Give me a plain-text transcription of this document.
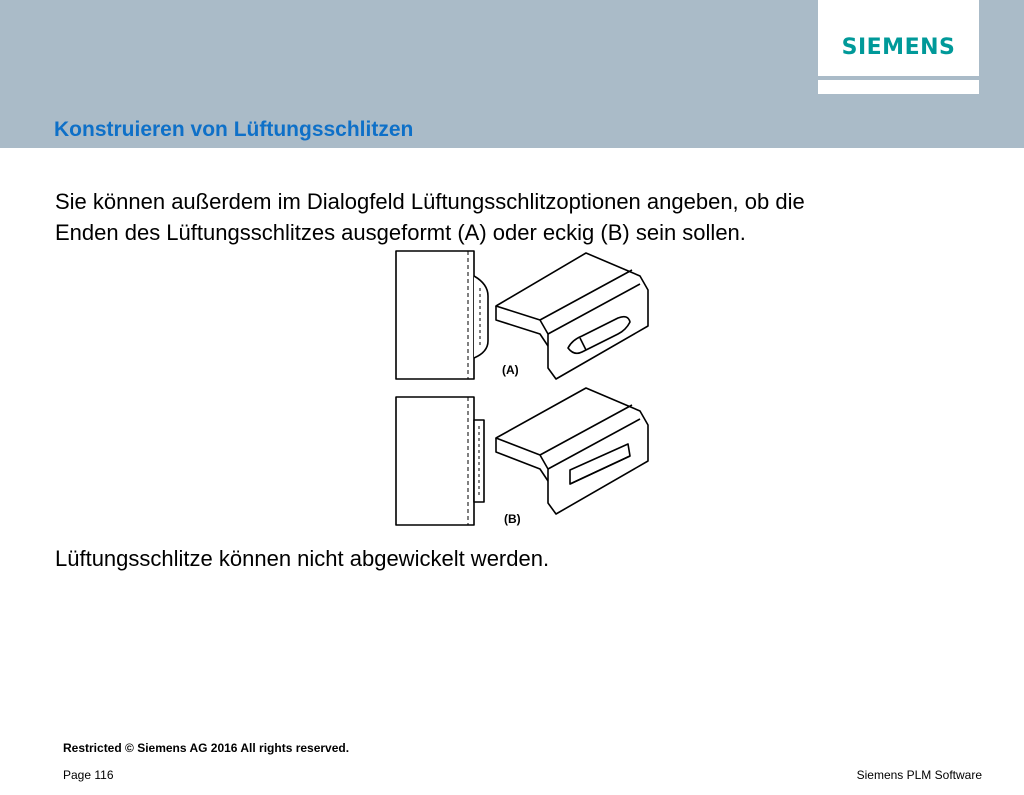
SIEMENS
Konstruieren von Lüftungsschlitzen
Sie können außerdem im Dialogfeld Lüftungsschlitzoptionen angeben, ob die
Enden des Lüftungsschlitzes ausgeformt (A) oder eckig (B) sein sollen.
(A)
(B)
Lüftungsschlitze können nicht abgewickelt werden.
Restricted © Siemens AG 2016 All rights reserved.
Page 116	Siemens PLM Software
